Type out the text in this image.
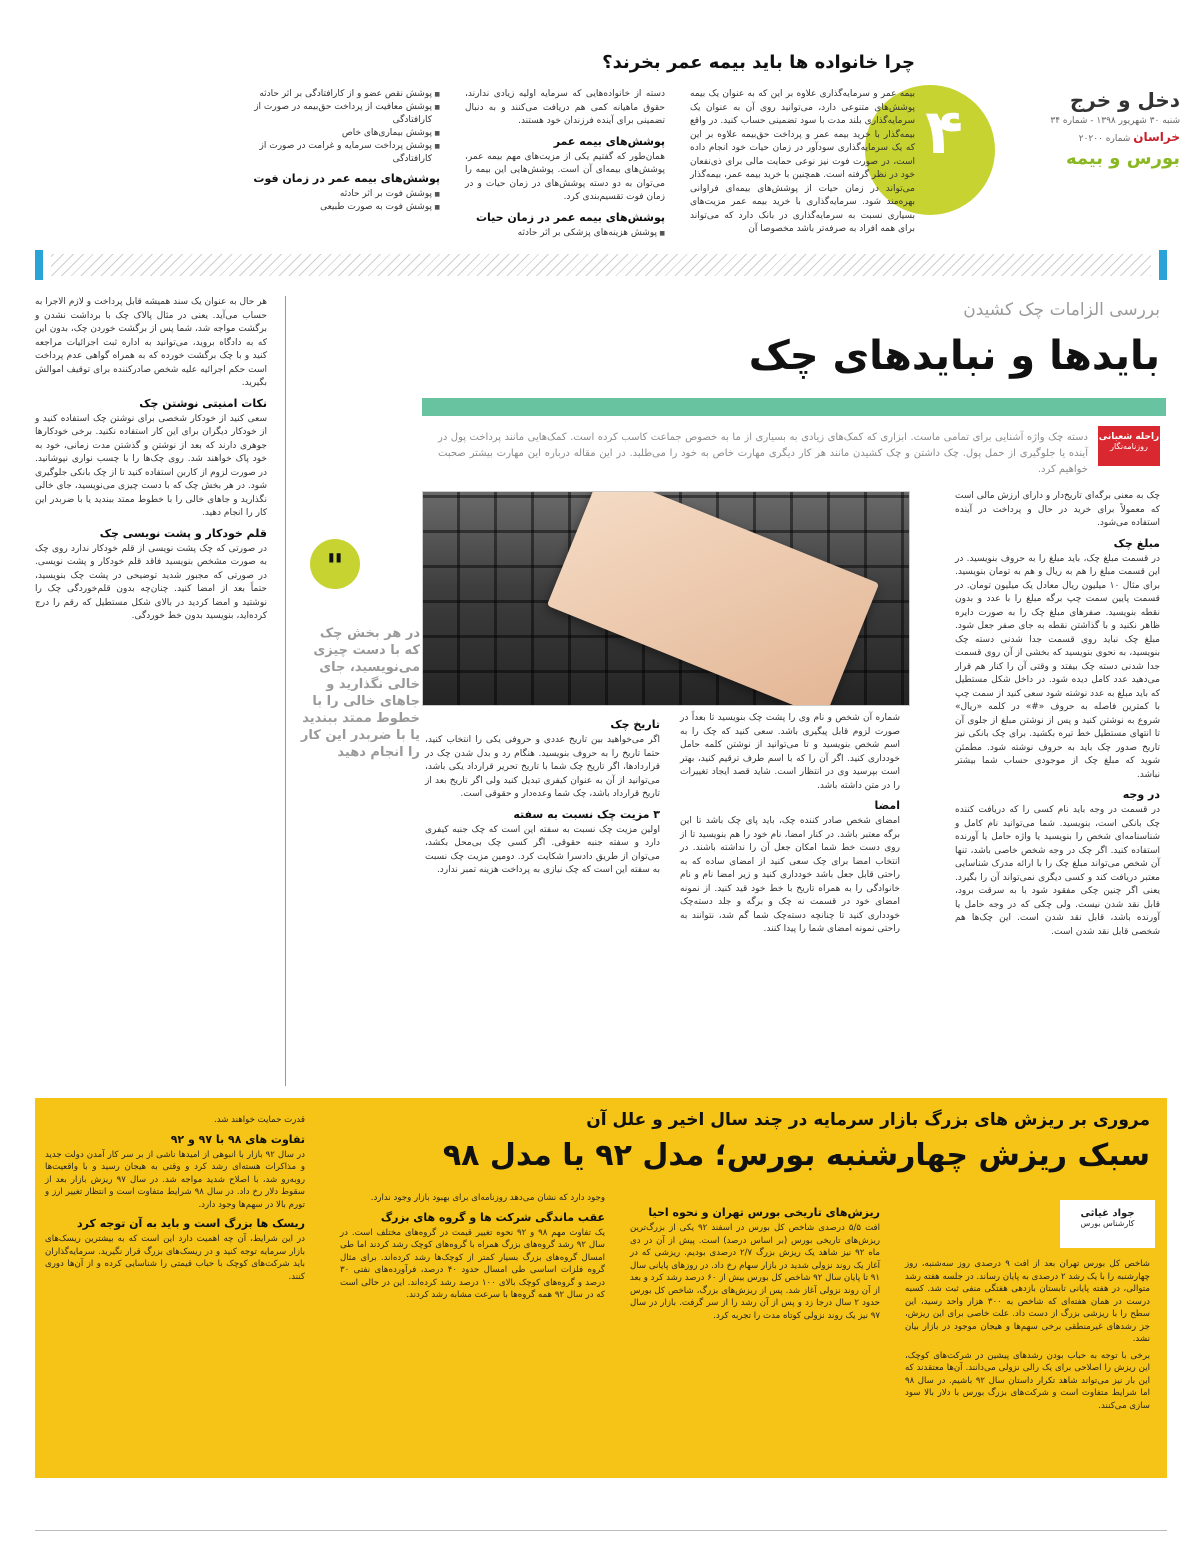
۴	دخل و خرج
شنبه ۳۰ شهریور ۱۳۹۸ - شماره ۳۴
خراسان شماره ۲۰۲۰۰
بورس و بیمه
چرا خانواده ها باید بیمه عمر بخرند؟
بیمه عمر و سرمایه‌گذاری علاوه بر این که به عنوان یک بیمه پوشش‌های متنوعی دارد، می‌توانید روی آن به عنوان یک سرمایه‌گذاری بلند مدت با سود تضمینی حساب کنید. در واقع بیمه‌گذار با خرید بیمه عمر و پرداخت حق‌بیمه علاوه بر این که یک سرمایه‌گذاری سودآور در زمان حیات خود انجام داده است، در صورت فوت نیز نوعی حمایت مالی برای ذی‌نفعان خود در نظر گرفته است. همچنین با خرید بیمه عمر، بیمه‌گذار می‌تواند در زمان حیات از پوشش‌های بیمه‌ای فراوانی بهره‌مند شود. سرمایه‌گذاری با خرید بیمه عمر مزیت‌های بسیاری نسبت به سرمایه‌گذاری در بانک دارد که می‌تواند برای همه افراد به صرفه‌تر باشد مخصوصا آن
دسته از خانواده‌هایی که سرمایه اولیه زیادی ندارند، حقوق ماهیانه کمی هم دریافت می‌کنند و به دنبال تضمینی برای آینده فرزندان خود هستند.
پوشش‌های بیمه عمر
همان‌طور که گفتیم یکی از مزیت‌های مهم بیمه عمر، پوشش‌های بیمه‌ای آن است. پوشش‌هایی این بیمه را می‌توان به دو دسته پوشش‌های در زمان حیات و در زمان فوت تقسیم‌بندی کرد.
پوشش‌های بیمه عمر در زمان حیات
■ پوشش هزینه‌های پزشکی بر اثر حادثه
■ پوشش نقص عضو و از کارافتادگی بر اثر حادثه
■ پوشش معافیت از پرداخت حق‌بیمه در صورت از کارافتادگی
■ پوشش بیماری‌های خاص
■ پوشش پرداخت سرمایه و غرامت در صورت از کارافتادگی
پوشش‌های بیمه عمر در زمان فوت
■ پوشش فوت بر اثر حادثه
■ پوشش فوت به صورت طبیعی
بررسی الزامات چک کشیدن
بایدها و نبایدهای چک
راحله شعبانی
روزنامه‌نگار
دسته چک واژه آشنایی برای تمامی ماست. ابزاری که کمک‌های زیادی به بسیاری از ما به خصوص جماعت کاسب کرده است. کمک‌هایی مانند پرداخت پول در آینده یا جلوگیری از حمل پول. چک داشتن و چک کشیدن مانند هر کار دیگری مهارت خاص به خود را می‌طلبد. در این مقاله درباره این مهارت بیشتر صحبت خواهیم کرد.
"
در هر بخش چک که با دست چیزی می‌نویسید، جای خالی نگذارید و جاهای خالی را با خطوط ممتد ببندید یا با ضربدر این کار را انجام دهید
چک به معنی برگه‌ای تاریخ‌دار و دارای ارزش مالی است که معمولاً برای خرید در حال و پرداخت در آینده استفاده می‌شود.
مبلغ چک
در قسمت مبلغ چک، باید مبلغ را به حروف بنویسید. در این قسمت مبلغ را هم به ریال و هم به تومان بنویسید. برای مثال ۱۰ میلیون ریال معادل یک میلیون تومان. در قسمت پایین سمت چپ برگه مبلغ را با عدد و بدون نقطه بنویسید. صفرهای مبلغ چک را به صورت دایره ظاهر نکنید و با گذاشتن نقطه به جای صفر جعل شود. مبلغ چک نباید روی قسمت جدا شدنی دسته چک بنویسید، به نحوی بنویسید که بخشی از آن روی قسمت جدا شدنی دسته چک بیفتد و وقتی آن را کنار هم قرار می‌دهید عدد کامل دیده شود. در داخل شکل مستطیل که باید مبلغ به عدد نوشته شود سعی کنید از سمت چپ با کمترین فاصله به حروف «#» در کلمه «ریال» شروع به نوشتن کنید و پس از نوشتن مبلغ از جلوی آن تا انتهای مستطیل خط تیره بکشید. برای چک بانکی نیز تاریخ صدور چک باید به حروف نوشته شود. مطمئن شوید که مبلغ چک از موجودی حساب شما بیشتر نباشد.
در وجه
در قسمت در وجه باید نام کسی را که دریافت کننده چک بانکی است، بنویسید. شما می‌توانید نام کامل و شناسنامه‌ای شخص را بنویسید یا واژه حامل یا آورنده استفاده کنید. اگر چک در وجه شخص خاصی باشد، تنها آن شخص می‌تواند مبلغ چک را با ارائه مدرک شناسایی معتبر دریافت کند و کسی دیگری نمی‌تواند آن را بگیرد. یعنی اگر چنین چکی مفقود شود با به سرقت برود، قابل نقد شدن نیست. ولی چکی که در وجه حامل یا آورنده باشد، قابل نقد شدن است. این چک‌ها هم شخصی قابل نقد شدن است.
شماره آن شخص و نام وی را پشت چک بنویسید تا بعداً در صورت لزوم قابل پیگیری باشد. سعی کنید که چک را به اسم شخص بنویسید و تا می‌توانید از نوشتن کلمه حامل خودداری کنید. اگر آن را که با اسم طرف ترقیم کنید، بهتر است بپرسید وی در انتظار است. شاید قصد ایجاد تغییرات را در متن داشته باشد.
امضا
امضای شخص صادر کننده چک، باید پای چک باشد تا این برگه معتبر باشد. در کنار امضا، نام خود را هم بنویسید تا از روی دست خط شما امکان جعل آن را نداشته باشند. در انتخاب امضا برای چک سعی کنید از امضای ساده که به راحتی قابل جعل باشد خودداری کنید و زیر امضا نام و نام خانوادگی را به همراه تاریخ با خط خود قید کنید. از نمونه امضای خود در قسمت نه چک و برگه و جلد دسته‌چک خودداری کنید تا چنانچه دسته‌چک شما گم شد، نتوانند به راحتی نمونه امضای شما را پیدا کنند.
تاریخ چک
اگر می‌خواهید بین تاریخ عددی و حروفی یکی را انتخاب کنید، حتما تاریخ را به حروف بنویسید. هنگام رد و بدل شدن چک در قراردادها، اگر تاریخ چک شما با تاریخ تحریر قرارداد یکی باشد، می‌توانید از آن به عنوان کیفری تبدیل کنید ولی اگر تاریخ بعد از تاریخ قرارداد باشد، چک شما وعده‌دار و حقوقی است.
۳ مزیت چک نسبت به سفته
اولین مزیت چک نسبت به سفته این است که چک جنبه کیفری دارد و سفته جنبه حقوقی. اگر کسی چک بی‌محل بکشد، می‌توان از طریق دادسرا شکایت کرد. دومین مزیت چک نسبت به سفته این است که چک نیازی به پرداخت هزینه تمبر ندارد.
هر حال به عنوان یک سند همیشه قابل پرداخت و لازم الاجرا به حساب می‌آید. یعنی در مثال پالاک چک با برداشت نشدن و برگشت مواجه شد، شما پس از برگشت خوردن چک، بدون این که به دادگاه بروید، می‌توانید به اداره ثبت اجرائیات مراجعه کنید و با چک برگشت خورده که به همراه گواهی عدم پرداخت است حکم اجرائیه علیه شخص صادرکننده برای توقیف اموالش بگیرید.
نکات امنیتی نوشتن چک
سعی کنید از خودکار شخصی برای نوشتن چک استفاده کنید و از خودکار دیگران برای این کار استفاده نکنید. برخی خودکارها جوهری دارند که بعد از نوشتن و گذشتن مدت زمانی، خود به خود پاک خواهند شد. روی چک‌ها را با چسب نواری نپوشانید. در صورت لزوم از کاربن استفاده کنید تا از چک بانکی جلوگیری شود. در هر بخش چک که با دست چیزی می‌نویسید، جای خالی نگذارید و جاهای خالی را با خطوط ممتد ببندید یا با ضربدر این کار را انجام دهید.
قلم خودکار و پشت نویسی چک
در صورتی که چک پشت نویسی از قلم خودکار ندارد روی چک به صورت مشخص بنویسید فاقد قلم خودکار و پشت نویسی. در صورتی که مجبور شدید توضیحی در پشت چک بنویسید، حتماً بعد از امضا کنید. چنان‌چه بدون قلم‌خوردگی چک را نوشتید و امضا کردید در بالای شکل مستطیل که رقم را درج کرده‌اید، بنویسید بدون خط خوردگی.
مروری بر ریزش های بزرگ بازار سرمایه در چند سال اخیر و علل آن
سبک ریزش چهارشنبه بورس؛ مدل ۹۲ یا مدل ۹۸
جواد غیاثی
کارشناس بورس
شاخص کل بورس تهران بعد از افت ۹ درصدی روز سه‌شنبه، روز چهارشنبه را با یک رشد ۲ درصدی به پایان رساند. در جلسه هفته رشد متوالی، در هفته پایانی تابستان بازدهی هفتگی منفی ثبت شد. کسبه درست در همان هفته‌ای که شاخص به ۳۰۰ هزار واحد رسید، این سطح را با ریزشی بزرگ از دست داد. علت خاصی برای این ریزش، جز رشد‌های غیرمنطقی برخی سهم‌ها و هیجان موجود در بازار بیان نشد.
برخی با توجه به حباب بودن رشدهای پیشین در شرکت‌های کوچک، این ریزش را اصلاحی برای یک رالی نزولی می‌دانند. آن‌ها معتقدند که این بار نیز می‌تواند شاهد تکرار داستان سال ۹۲ باشیم. در سال ۹۸ اما شرایط متفاوت است و شرکت‌های بزرگ بورس با دلار بالا سود سازی می‌کنند.
ریزش‌های تاریخی بورس تهران و نحوه احیا
افت ۵/۵ درصدی شاخص کل بورس در اسفند ۹۲ یکی از بزرگ‌ترین ریزش‌های تاریخی بورس (بر اساس درصد) است. پیش از آن در دی ماه ۹۲ نیز شاهد یک ریزش بزرگ ۲/۷ درصدی بودیم. ریزشی که در آغاز یک روند نزولی شدید در بازار سهام رخ داد. در روزهای پایانی سال ۹۱ تا پایان سال ۹۲ شاخص کل بورس بیش از ۶۰ درصد رشد کرد و بعد از آن روند نزولی آغاز شد. پس از ریزش‌های بزرگ، شاخص کل بورس حدود ۲ سال درجا زد و پس از آن رشد را از سر گرفت. بازار در سال ۹۷ نیز یک روند نزولی کوتاه مدت را تجربه کرد.
وجود دارد که نشان می‌دهد روزنامه‌ای برای بهبود بازار وجود ندارد.
عقب ماندگی شرکت ها و گروه های بزرگ
یک تفاوت مهم ۹۸ و ۹۲ نحوه تغییر قیمت در گروه‌های مختلف است. در سال ۹۲ رشد گروه‌های بزرگ همراه با گروه‌های کوچک رشد کردند اما طی امسال گروه‌های بزرگ بسیار کمتر از کوچک‌ها رشد کرده‌اند. برای مثال گروه فلزات اساسی طی امسال حدود ۴۰ درصد، فرآورده‌های نفتی ۳۰ درصد و گروه‌های کوچک بالای ۱۰۰ درصد رشد کرده‌اند. این در حالی است که در سال ۹۲ همه گروه‌ها با سرعت مشابه رشد کردند.
قدرت حمایت خواهند شد.
تفاوت های ۹۸ با ۹۷ و ۹۲
در سال ۹۲ بازار با انبوهی از امیدها ناشی از بر سر کار آمدن دولت جدید و مذاکرات هسته‌ای رشد کرد و وقتی به هیجان رسید و با واقعیت‌ها روبه‌رو شد، با اصلاح شدید مواجه شد. در سال ۹۷ ریزش بازار بعد از سقوط دلار رخ داد. در سال ۹۸ شرایط متفاوت است و انتظار تغییر ارز و تورم بالا در سهم‌ها وجود دارد.
ریسک ها بزرگ است و باید به آن توجه کرد
در این شرایط، آن چه اهمیت دارد این است که به بیشترین ریسک‌های بازار سرمایه توجه کنید و در ریسک‌های بزرگ قرار نگیرید. سرمایه‌گذاران باید شرکت‌های کوچک با حباب قیمتی را شناسایی کرده و از آن‌ها دوری کنند.
